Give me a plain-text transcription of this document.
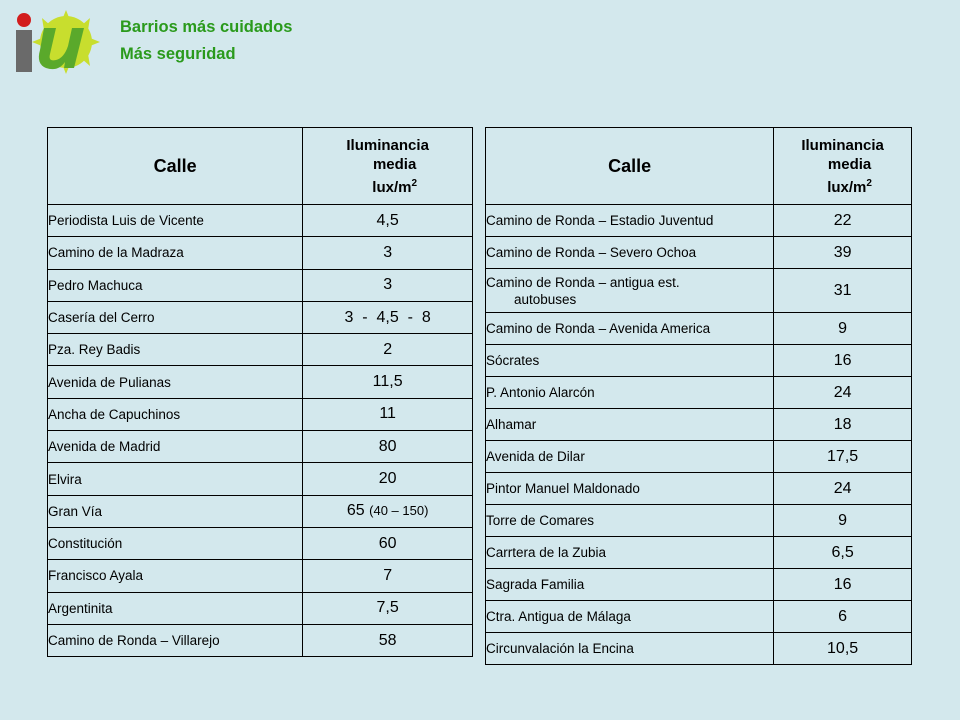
Barrios más cuidados
Más seguridad
Calle	Iluminancia
media
lux/$m^2$

Periodista Luis de Vicente	4,5
Camino de la Madraza	3
Pedro Machuca	3
Casería del Cerro	3  -  4,5  -  8
Pza. Rey Badis	2
Avenida de Pulianas	11,5
Ancha de Capuchinos	11
Avenida de Madrid	80
Elvira	20
Gran Vía	65 (40 – 150)
Constitución	60
Francisco Ayala	7
Argentinita	7,5
Camino de Ronda – Villarejo	58
Calle	Iluminancia
media
lux/$m^2$

Camino de Ronda – Estadio Juventud	22
Camino de Ronda – Severo Ochoa	39
Camino de Ronda – antigua est.
autobuses	31
Camino de Ronda – Avenida America	9
Sócrates	16
P. Antonio Alarcón	24
Alhamar	18
Avenida de Dilar	17,5
Pintor Manuel Maldonado	24
Torre de Comares	9
Carrtera de la Zubia	6,5
Sagrada Familia	16
Ctra. Antigua de Málaga	6
Circunvalación la Encina	10,5
